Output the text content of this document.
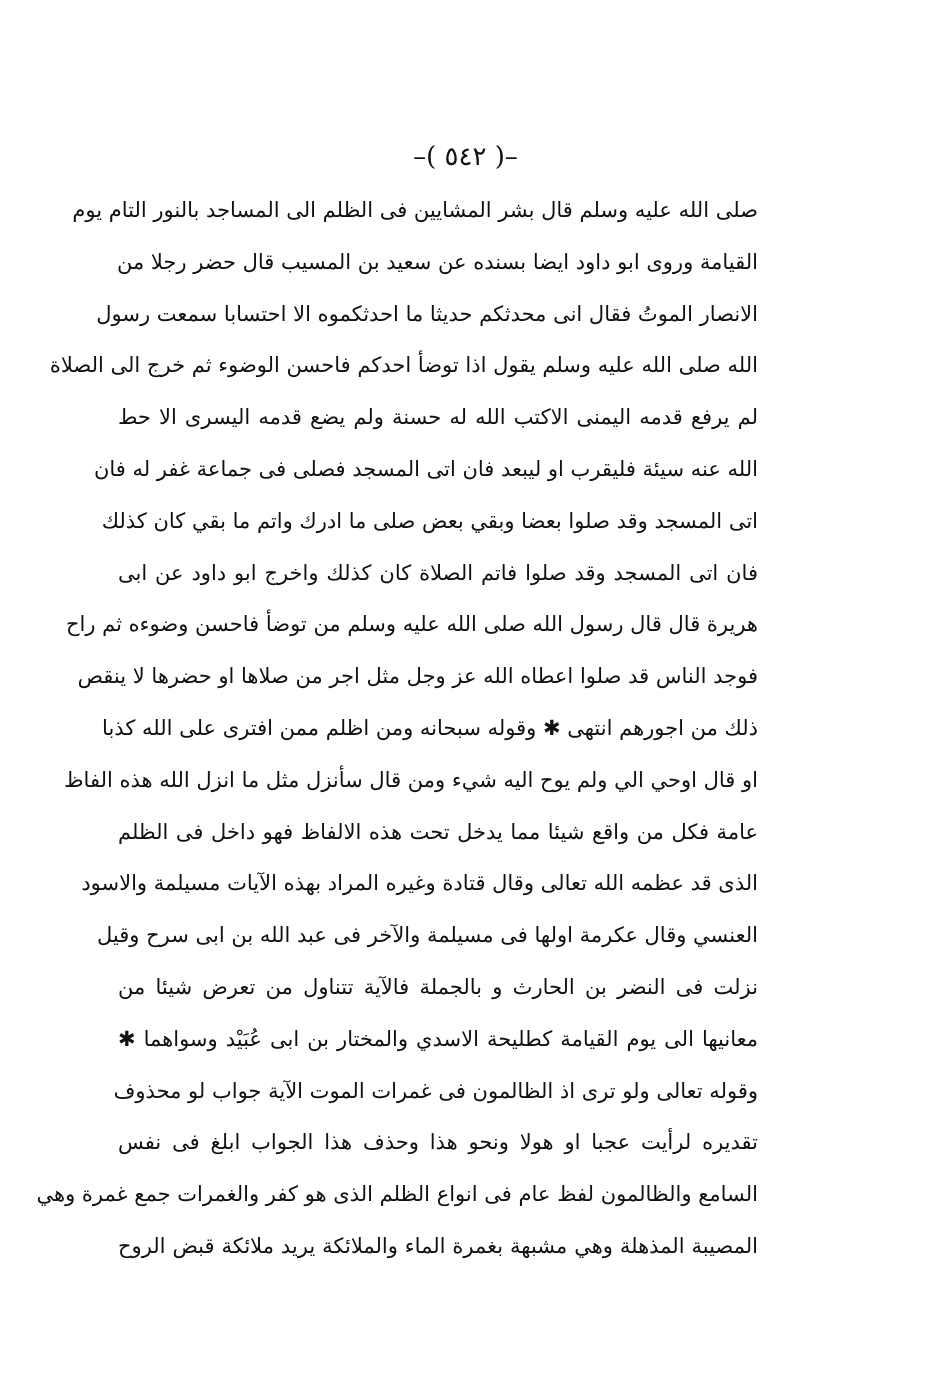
–( ٥٤٢ )–
صلى الله عليه وسلم قال بشر المشايين فى الظلم الى المساجد بالنور التام يوم
القيامة وروى ابو داود ايضا بسنده عن سعيد بن المسيب قال حضر رجلا من
الانصار الموتُ فقال انى محدثكم حديثا ما احدثكموه الا احتسابا سمعت رسول
الله صلى الله عليه وسلم يقول اذا توضأ احدكم فاحسن الوضوء ثم خرج الى الصلاة
لم يرفع قدمه اليمنى الاكتب الله له حسنة ولم يضع قدمه اليسرى الا حط
الله عنه سيئة فليقرب او ليبعد فان اتى المسجد فصلى فى جماعة غفر له فان
اتى المسجد وقد صلوا بعضا وبقي بعض صلى ما ادرك واتم ما بقي كان كذلك
فان اتى المسجد وقد صلوا فاتم الصلاة كان كذلك واخرج ابو داود عن ابى
هريرة قال قال رسول الله صلى الله عليه وسلم من توضأ فاحسن وضوءه ثم راح
فوجد الناس قد صلوا اعطاه الله عز وجل مثل اجر من صلاها او حضرها لا ينقص
ذلك من اجورهم انتهى ✱ وقوله سبحانه ومن اظلم ممن افترى على الله كذبا
او قال اوحي الي ولم يوح اليه شيء ومن قال سأنزل مثل ما انزل الله هذه الفاظ
عامة فكل من واقع شيئا مما يدخل تحت هذه الالفاظ فهو داخل فى الظلم
الذى قد عظمه الله تعالى وقال قتادة وغيره المراد بهذه الآيات مسيلمة والاسود
العنسي وقال عكرمة اولها فى مسيلمة والآخر فى عبد الله بن ابى سرح وقيل
نزلت فى النضر بن الحارث و بالجملة فالآية تتناول من تعرض شيئا من
معانيها الى يوم القيامة كطليحة الاسدي والمختار بن ابى عُبَيْد وسواهما ✱
وقوله تعالى ولو ترى اذ الظالمون فى غمرات الموت الآية جواب لو محذوف
تقديره لرأيت عجبا او هولا ونحو هذا وحذف هذا الجواب ابلغ فى نفس
السامع والظالمون لفظ عام فى انواع الظلم الذى هو كفر والغمرات جمع غمرة وهي
المصيبة المذهلة وهي مشبهة بغمرة الماء والملائكة يريد ملائكة قبض الروح
